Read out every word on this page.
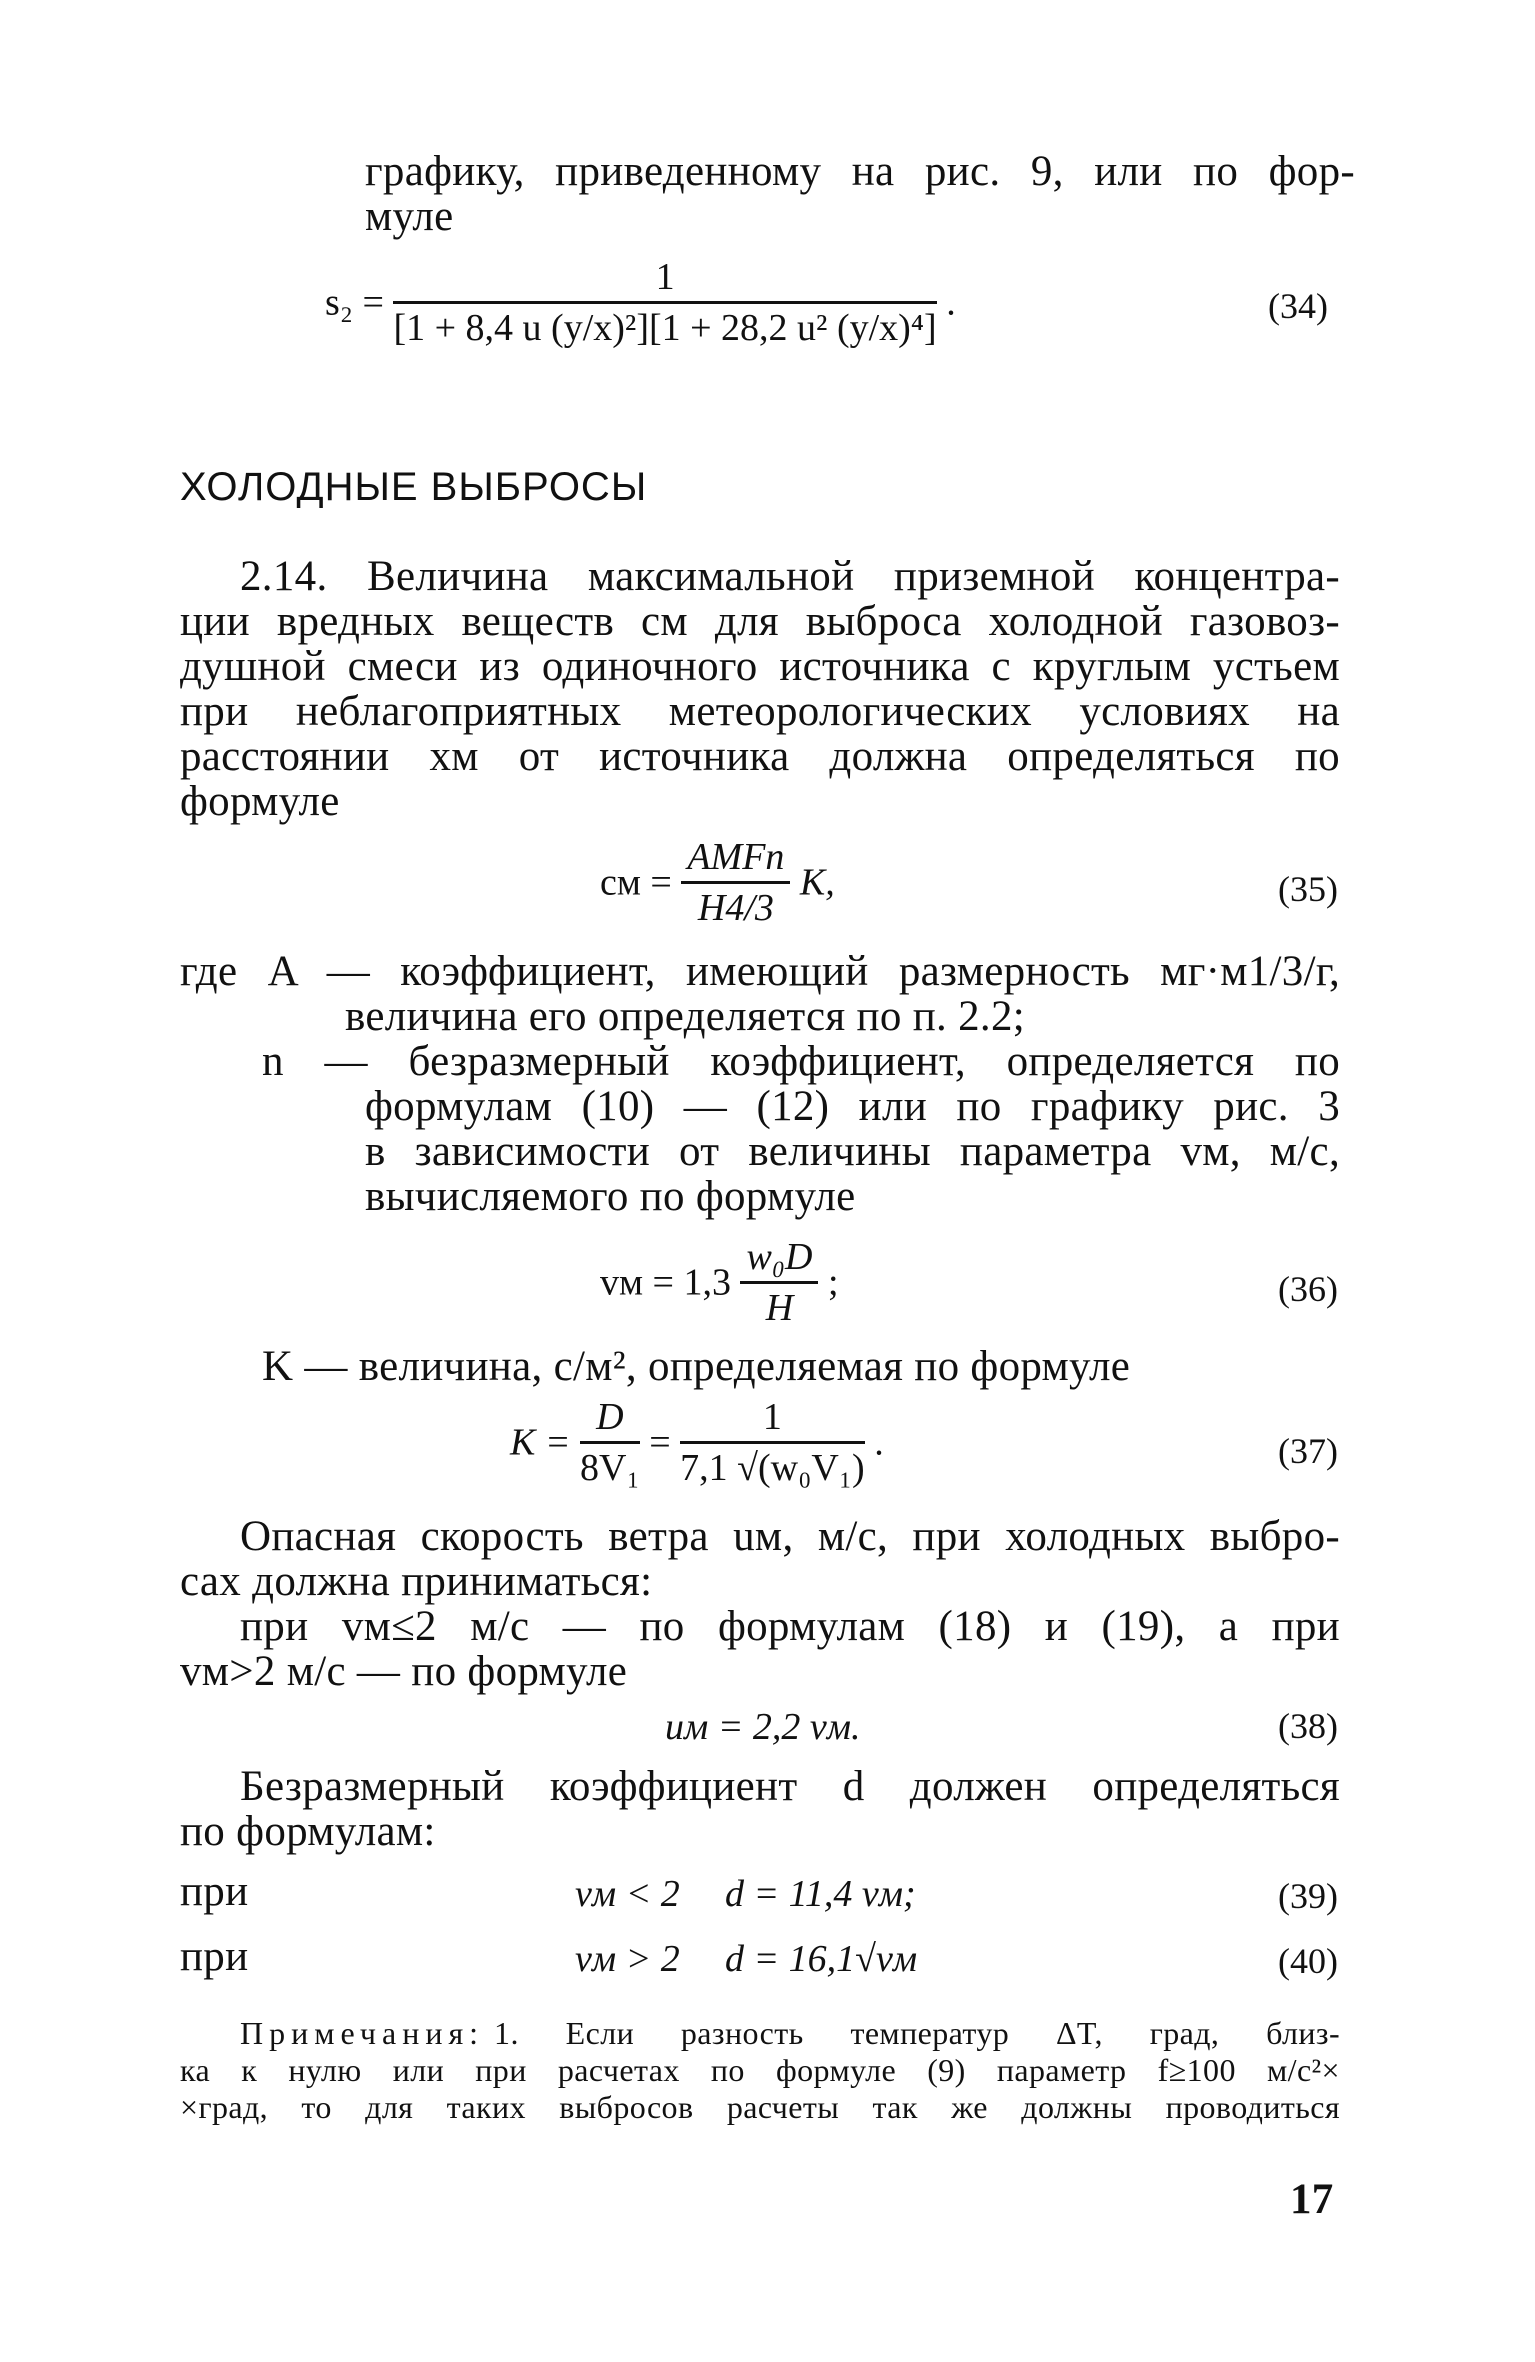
графику, приведенному на рис. 9, или по фор-
муле
$s_2 = \frac{1}{\text{[1 + 8,4 u (y/x)²][1 + 28,2 u² (y/x)⁴]}}$ .	(34)
ХОЛОДНЫЕ ВЫБРОСЫ
2.14. Величина максимальной приземной концентра-
ции вредных веществ cм для выброса холодной газовоз-
душной смеси из одиночного источника с круглым устьем
при неблагоприятных метеорологических условиях на
расстоянии xм от источника должна определяться по
формуле
cм = $\frac{\text{AMFn}}{H4/3} K$,	(35)
где A — коэффициент, имеющий размерность мг·м1/3/г,
величина его определяется по п. 2.2;
n — безразмерный коэффициент, определяется по
формулам (10) — (12) или по графику рис. 3
в зависимости от величины параметра vм, м/с,
вычисляемого по формуле
vм = $1,3 \frac{\text{w₀D}}{H}$ ;	(36)
K — величина, с/м², определяемая по формуле
$K = \frac{D}{\text{8V₁}} = \frac{1}{\text{7,1 √(w₀V₁)}}$ .	(37)
Опасная скорость ветра uм, м/с, при холодных выбро-
сах должна приниматься:
при vм≤2 м/с — по формулам (18) и (19), а при
vм>2 м/с — по формуле
uм = 2,2 vм.	(38)
Безразмерный коэффициент d должен определяться
по формулам:
при	vм < 2 d = 11,4 vм;	(39)
при	vм > 2 d = 16,1√vм	(40)
Примечания: 1. Если разность температур ΔT, град, близ-
ка к нулю или при расчетах по формуле (9) параметр f≥100 м/с²×
×град, то для таких выбросов расчеты так же должны проводиться
17
